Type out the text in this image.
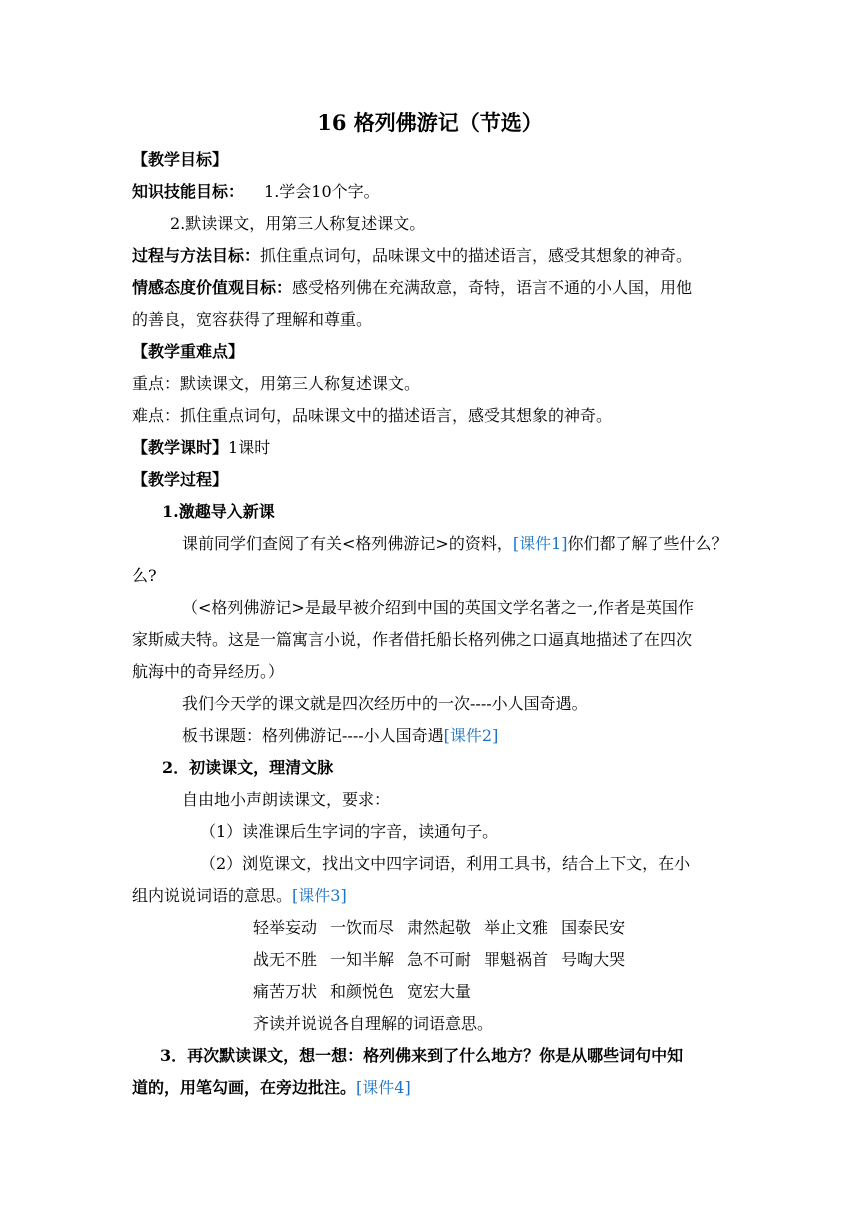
16 格列佛游记（节选）
【教学目标】
知识技能目标： 1.学会10个字。
2.默读课文，用第三人称复述课文。
过程与方法目标：抓住重点词句，品味课文中的描述语言，感受其想象的神奇。
情感态度价值观目标：感受格列佛在充满敌意，奇特，语言不通的小人国，用他
的善良，宽容获得了理解和尊重。
【教学重难点】
重点：默读课文，用第三人称复述课文。
难点：抓住重点词句，品味课文中的描述语言，感受其想象的神奇。
【教学课时】1课时
【教学过程】
1.激趣导入新课
课前同学们查阅了有关<格列佛游记>的资料，[课件1]你们都了解了些什么？
么?
（<格列佛游记>是最早被介绍到中国的英国文学名著之一,作者是英国作
家斯威夫特。这是一篇寓言小说，作者借托船长格列佛之口逼真地描述了在四次
航海中的奇异经历。）
我们今天学的课文就是四次经历中的一次----小人国奇遇。
板书课题：格列佛游记----小人国奇遇[课件2]
2．初读课文，理清文脉
自由地小声朗读课文，要求：
（1）读准课后生字词的字音，读通句子。
（2）浏览课文，找出文中四字词语，利用工具书，结合上下文，在小
组内说说词语的意思。[课件3]
轻举妄动 一饮而尽 肃然起敬 举止文雅 国泰民安
战无不胜 一知半解 急不可耐 罪魁祸首 号啕大哭
痛苦万状 和颜悦色 宽宏大量
齐读并说说各自理解的词语意思。
3．再次默读课文，想一想：格列佛来到了什么地方？你是从哪些词句中知
道的，用笔勾画，在旁边批注。[课件4]
